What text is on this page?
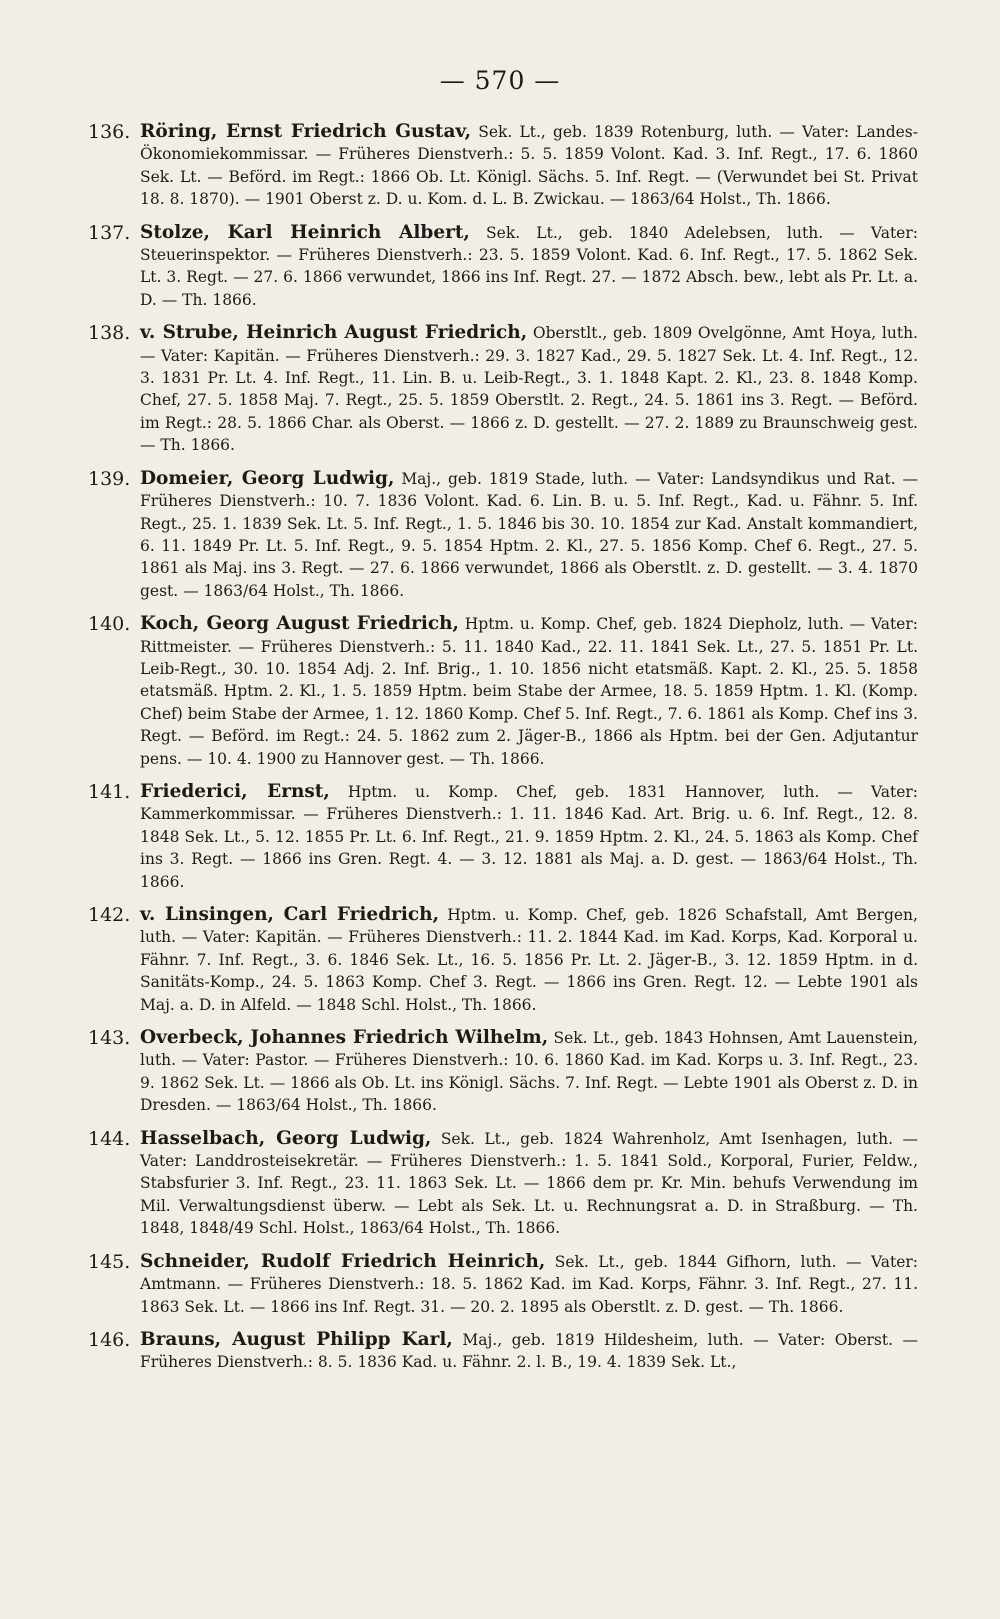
— 570 —
136. Röring, Ernst Friedrich Gustav, Sek. Lt., geb. 1839 Rotenburg, luth. — Vater: Landes-Ökonomiekommissar. — Früheres Dienstverh.: 5. 5. 1859 Volont. Kad. 3. Inf. Regt., 17. 6. 1860 Sek. Lt. — Beförd. im Regt.: 1866 Ob. Lt. Königl. Sächs. 5. Inf. Regt. — (Verwundet bei St. Privat 18. 8. 1870). — 1901 Oberst z. D. u. Kom. d. L. B. Zwickau. — 1863/64 Holst., Th. 1866.
137. Stolze, Karl Heinrich Albert, Sek. Lt., geb. 1840 Adelebsen, luth. — Vater: Steuerinspektor. — Früheres Dienstverh.: 23. 5. 1859 Volont. Kad. 6. Inf. Regt., 17. 5. 1862 Sek. Lt. 3. Regt. — 27. 6. 1866 verwundet, 1866 ins Inf. Regt. 27. — 1872 Absch. bew., lebt als Pr. Lt. a. D. — Th. 1866.
138. v. Strube, Heinrich August Friedrich, Oberstlt., geb. 1809 Ovelgönne, Amt Hoya, luth. — Vater: Kapitän. — Früheres Dienstverh.: 29. 3. 1827 Kad., 29. 5. 1827 Sek. Lt. 4. Inf. Regt., 12. 3. 1831 Pr. Lt. 4. Inf. Regt., 11. Lin. B. u. Leib-Regt., 3. 1. 1848 Kapt. 2. Kl., 23. 8. 1848 Komp. Chef, 27. 5. 1858 Maj. 7. Regt., 25. 5. 1859 Oberstlt. 2. Regt., 24. 5. 1861 ins 3. Regt. — Beförd. im Regt.: 28. 5. 1866 Char. als Oberst. — 1866 z. D. gestellt. — 27. 2. 1889 zu Braunschweig gest. — Th. 1866.
139. Domeier, Georg Ludwig, Maj., geb. 1819 Stade, luth. — Vater: Landsyndikus und Rat. — Früheres Dienstverh.: 10. 7. 1836 Volont. Kad. 6. Lin. B. u. 5. Inf. Regt., Kad. u. Fähnr. 5. Inf. Regt., 25. 1. 1839 Sek. Lt. 5. Inf. Regt., 1. 5. 1846 bis 30. 10. 1854 zur Kad. Anstalt kommandiert, 6. 11. 1849 Pr. Lt. 5. Inf. Regt., 9. 5. 1854 Hptm. 2. Kl., 27. 5. 1856 Komp. Chef 6. Regt., 27. 5. 1861 als Maj. ins 3. Regt. — 27. 6. 1866 verwundet, 1866 als Oberstlt. z. D. gestellt. — 3. 4. 1870 gest. — 1863/64 Holst., Th. 1866.
140. Koch, Georg August Friedrich, Hptm. u. Komp. Chef, geb. 1824 Diepholz, luth. — Vater: Rittmeister. — Früheres Dienstverh.: 5. 11. 1840 Kad., 22. 11. 1841 Sek. Lt., 27. 5. 1851 Pr. Lt. Leib-Regt., 30. 10. 1854 Adj. 2. Inf. Brig., 1. 10. 1856 nicht etatsmäß. Kapt. 2. Kl., 25. 5. 1858 etatsmäß. Hptm. 2. Kl., 1. 5. 1859 Hptm. beim Stabe der Armee, 18. 5. 1859 Hptm. 1. Kl. (Komp. Chef) beim Stabe der Armee, 1. 12. 1860 Komp. Chef 5. Inf. Regt., 7. 6. 1861 als Komp. Chef ins 3. Regt. — Beförd. im Regt.: 24. 5. 1862 zum 2. Jäger-B., 1866 als Hptm. bei der Gen. Adjutantur pens. — 10. 4. 1900 zu Hannover gest. — Th. 1866.
141. Friederici, Ernst, Hptm. u. Komp. Chef, geb. 1831 Hannover, luth. — Vater: Kammerkommissar. — Früheres Dienstverh.: 1. 11. 1846 Kad. Art. Brig. u. 6. Inf. Regt., 12. 8. 1848 Sek. Lt., 5. 12. 1855 Pr. Lt. 6. Inf. Regt., 21. 9. 1859 Hptm. 2. Kl., 24. 5. 1863 als Komp. Chef ins 3. Regt. — 1866 ins Gren. Regt. 4. — 3. 12. 1881 als Maj. a. D. gest. — 1863/64 Holst., Th. 1866.
142. v. Linsingen, Carl Friedrich, Hptm. u. Komp. Chef, geb. 1826 Schafstall, Amt Bergen, luth. — Vater: Kapitän. — Früheres Dienstverh.: 11. 2. 1844 Kad. im Kad. Korps, Kad. Korporal u. Fähnr. 7. Inf. Regt., 3. 6. 1846 Sek. Lt., 16. 5. 1856 Pr. Lt. 2. Jäger-B., 3. 12. 1859 Hptm. in d. Sanitäts-Komp., 24. 5. 1863 Komp. Chef 3. Regt. — 1866 ins Gren. Regt. 12. — Lebte 1901 als Maj. a. D. in Alfeld. — 1848 Schl. Holst., Th. 1866.
143. Overbeck, Johannes Friedrich Wilhelm, Sek. Lt., geb. 1843 Hohnsen, Amt Lauenstein, luth. — Vater: Pastor. — Früheres Dienstverh.: 10. 6. 1860 Kad. im Kad. Korps u. 3. Inf. Regt., 23. 9. 1862 Sek. Lt. — 1866 als Ob. Lt. ins Königl. Sächs. 7. Inf. Regt. — Lebte 1901 als Oberst z. D. in Dresden. — 1863/64 Holst., Th. 1866.
144. Hasselbach, Georg Ludwig, Sek. Lt., geb. 1824 Wahrenholz, Amt Isenhagen, luth. — Vater: Landdrosteisekretär. — Früheres Dienstverh.: 1. 5. 1841 Sold., Korporal, Furier, Feldw., Stabsfurier 3. Inf. Regt., 23. 11. 1863 Sek. Lt. — 1866 dem pr. Kr. Min. behufs Verwendung im Mil. Verwaltungsdienst überw. — Lebt als Sek. Lt. u. Rechnungsrat a. D. in Straßburg. — Th. 1848, 1848/49 Schl. Holst., 1863/64 Holst., Th. 1866.
145. Schneider, Rudolf Friedrich Heinrich, Sek. Lt., geb. 1844 Gifhorn, luth. — Vater: Amtmann. — Früheres Dienstverh.: 18. 5. 1862 Kad. im Kad. Korps, Fähnr. 3. Inf. Regt., 27. 11. 1863 Sek. Lt. — 1866 ins Inf. Regt. 31. — 20. 2. 1895 als Oberstlt. z. D. gest. — Th. 1866.
146. Brauns, August Philipp Karl, Maj., geb. 1819 Hildesheim, luth. — Vater: Oberst. — Früheres Dienstverh.: 8. 5. 1836 Kad. u. Fähnr. 2. l. B., 19. 4. 1839 Sek. Lt.,
